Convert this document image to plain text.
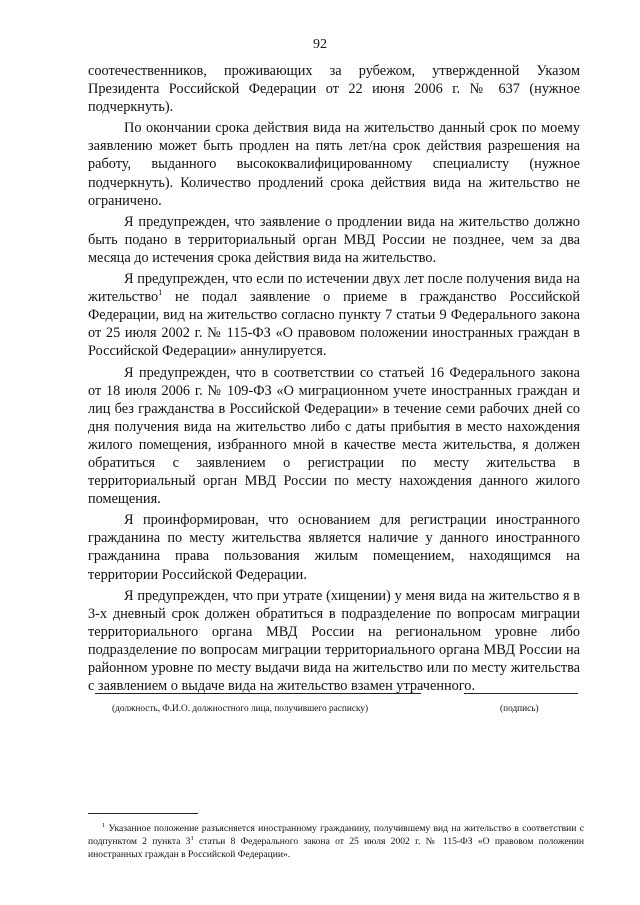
92

соотечественников, проживающих за рубежом, утвержденной Указом Президента Российской Федерации от 22 июня 2006 г. № 637 (нужное подчеркнуть).

По окончании срока действия вида на жительство данный срок по моему заявлению может быть продлен на пять лет/на срок действия разрешения на работу, выданного высококвалифицированному специалисту (нужное подчеркнуть). Количество продлений срока действия вида на жительство не ограничено.

Я предупрежден, что заявление о продлении вида на жительство должно быть подано в территориальный орган МВД России не позднее, чем за два месяца до истечения срока действия вида на жительство.

Я предупрежден, что если по истечении двух лет после получения вида на жительство$^1$ не подал заявление о приеме в гражданство Российской Федерации, вид на жительство согласно пункту 7 статьи 9 Федерального закона от 25 июля 2002 г. № 115-ФЗ «О правовом положении иностранных граждан в Российской Федерации» аннулируется.

Я предупрежден, что в соответствии со статьей 16 Федерального закона от 18 июля 2006 г. № 109-ФЗ «О миграционном учете иностранных граждан и лиц без гражданства в Российской Федерации» в течение семи рабочих дней со дня получения вида на жительство либо с даты прибытия в место нахождения жилого помещения, избранного мной в качестве места жительства, я должен обратиться с заявлением о регистрации по месту жительства в территориальный орган МВД России по месту нахождения данного жилого помещения.

Я проинформирован, что основанием для регистрации иностранного гражданина по месту жительства является наличие у данного иностранного гражданина права пользования жилым помещением, находящимся на территории Российской Федерации.

Я предупрежден, что при утрате (хищении) у меня вида на жительство я в 3-х дневный срок должен обратиться в подразделение по вопросам миграции территориального органа МВД России на региональном уровне либо подразделение по вопросам миграции территориального органа МВД России на районном уровне по месту выдачи вида на жительство или по месту жительства с заявлением о выдаче вида на жительство взамен утраченного.

(должность, Ф.И.О. должностного лица, получившего расписку)	(подпись)
$^1$ Указанное положение разъясняется иностранному гражданину, получившему вид на жительство в соответствии с подпунктом 2 пункта $3^1$ статьи 8 Федерального закона от 25 июля 2002 г. № 115-ФЗ «О правовом положении иностранных граждан в Российской Федерации».
